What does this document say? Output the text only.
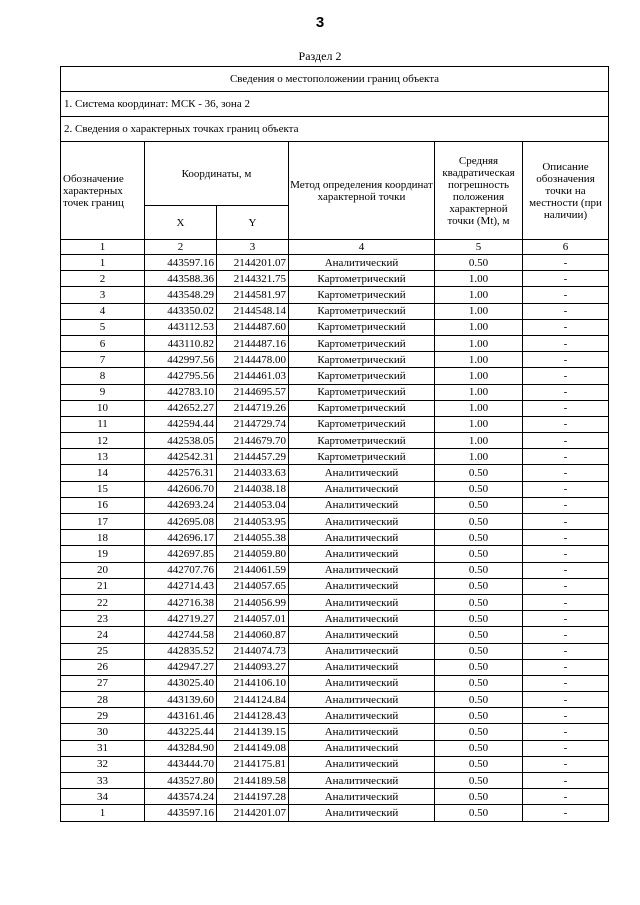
3
Раздел 2
Сведения о местоположении границ объекта					
1. Система координат: МСК - 36, зона 2					
2. Сведения о характерных точках границ объекта					
Обозначение характерных точек границ	Координаты, м		Метод определения координат характерной точки	Средняя квадратическая погрешность положения характерной точки (Mt), м	Описание обозначения точки на местности (при наличии)
	X	Y			
1	2	3	4	5	6
1	443597.16	2144201.07	Аналитический	0.50	-
2	443588.36	2144321.75	Картометрический	1.00	-
3	443548.29	2144581.97	Картометрический	1.00	-
4	443350.02	2144548.14	Картометрический	1.00	-
5	443112.53	2144487.60	Картометрический	1.00	-
6	443110.82	2144487.16	Картометрический	1.00	-
7	442997.56	2144478.00	Картометрический	1.00	-
8	442795.56	2144461.03	Картометрический	1.00	-
9	442783.10	2144695.57	Картометрический	1.00	-
10	442652.27	2144719.26	Картометрический	1.00	-
11	442594.44	2144729.74	Картометрический	1.00	-
12	442538.05	2144679.70	Картометрический	1.00	-
13	442542.31	2144457.29	Картометрический	1.00	-
14	442576.31	2144033.63	Аналитический	0.50	-
15	442606.70	2144038.18	Аналитический	0.50	-
16	442693.24	2144053.04	Аналитический	0.50	-
17	442695.08	2144053.95	Аналитический	0.50	-
18	442696.17	2144055.38	Аналитический	0.50	-
19	442697.85	2144059.80	Аналитический	0.50	-
20	442707.76	2144061.59	Аналитический	0.50	-
21	442714.43	2144057.65	Аналитический	0.50	-
22	442716.38	2144056.99	Аналитический	0.50	-
23	442719.27	2144057.01	Аналитический	0.50	-
24	442744.58	2144060.87	Аналитический	0.50	-
25	442835.52	2144074.73	Аналитический	0.50	-
26	442947.27	2144093.27	Аналитический	0.50	-
27	443025.40	2144106.10	Аналитический	0.50	-
28	443139.60	2144124.84	Аналитический	0.50	-
29	443161.46	2144128.43	Аналитический	0.50	-
30	443225.44	2144139.15	Аналитический	0.50	-
31	443284.90	2144149.08	Аналитический	0.50	-
32	443444.70	2144175.81	Аналитический	0.50	-
33	443527.80	2144189.58	Аналитический	0.50	-
34	443574.24	2144197.28	Аналитический	0.50	-
1	443597.16	2144201.07	Аналитический	0.50	-
